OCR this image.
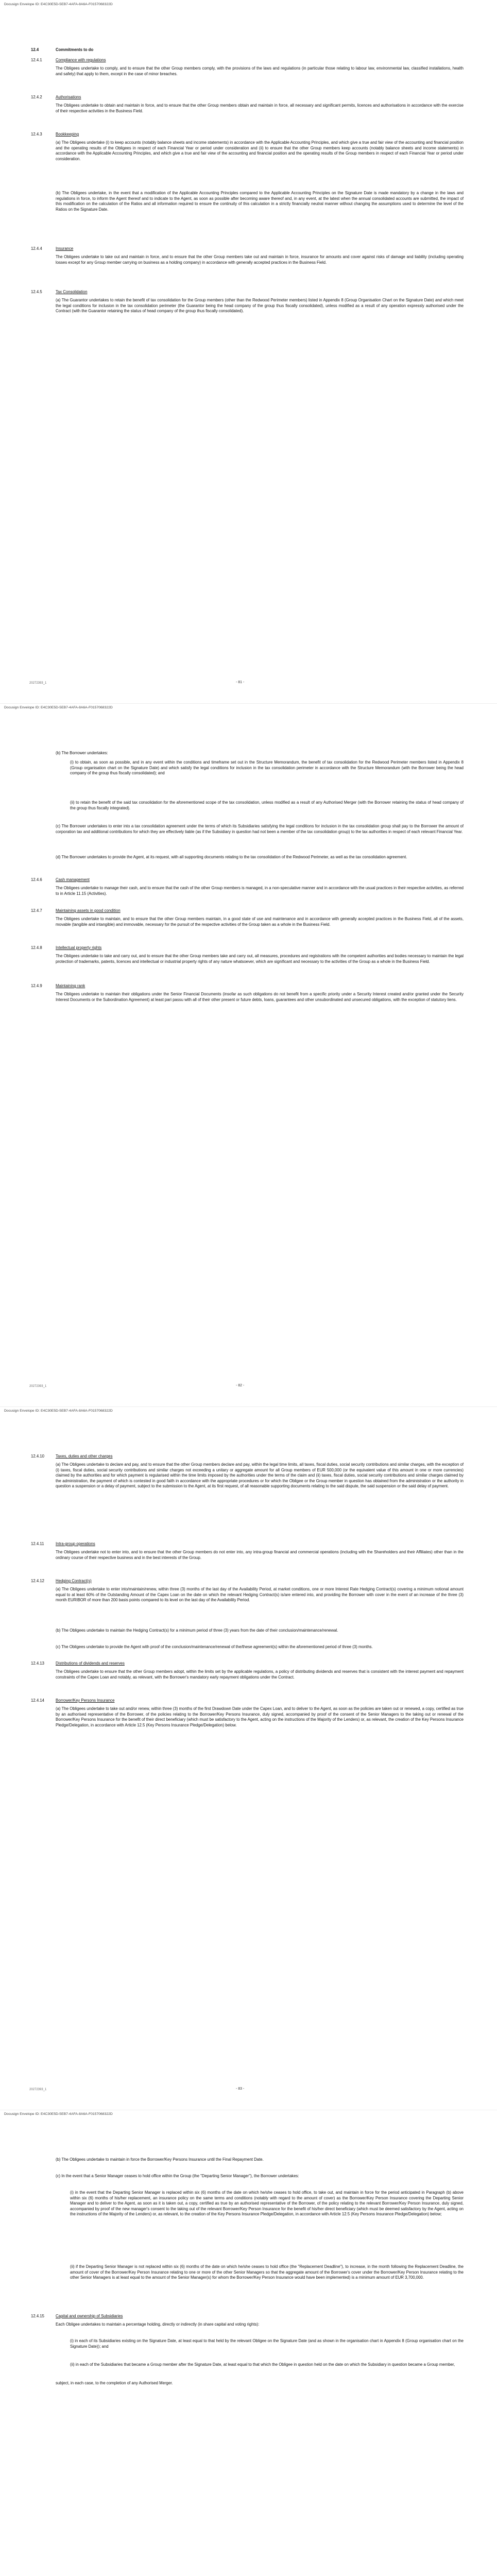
Docusign Envelope ID: E4C30E5D-5EB7-4AFA-8A6A-F0157068322D
12.4	Commitments to do
12.4.1	Compliance with regulations
The Obligees undertake to comply, and to ensure that the other Group members comply, with the provisions of the laws and regulations (in particular those relating to labour law, environmental law, classified installations, health and safety) that apply to them, except in the case of minor breaches.
12.4.2	Authorisations
The Obligees undertake to obtain and maintain in force, and to ensure that the other Group members obtain and maintain in force, all necessary and significant permits, licences and authorisations in accordance with the exercise of their respective activities in the Business Field.
12.4.3	Bookkeeping
(a) The Obligees undertake (i) to keep accounts (notably balance sheets and income statements) in accordance with the Applicable Accounting Principles, and which give a true and fair view of the accounting and financial position and the operating results of the Obligees in respect of each Financial Year or period under consideration and (ii) to ensure that the other Group members keep accounts (notably balance sheets and income statements) in accordance with the Applicable Accounting Principles, and which give a true and fair view of the accounting and financial position and the operating results of the Group members in respect of each Financial Year or period under consideration.
(b) The Obligees undertake, in the event that a modification of the Applicable Accounting Principles compared to the Applicable Accounting Principles on the Signature Date is made mandatory by a change in the laws and regulations in force, to inform the Agent thereof and to indicate to the Agent, as soon as possible after becoming aware thereof and, in any event, at the latest when the annual consolidated accounts are submitted, the impact of this modification on the calculation of the Ratios and all information required to ensure the continuity of this calculation in a strictly financially neutral manner without changing the assumptions used to determine the level of the Ratios on the Signature Date.
12.4.4	Insurance
The Obligees undertake to take out and maintain in force, and to ensure that the other Group members take out and maintain in force, insurance for amounts and cover against risks of damage and liability (including operating losses except for any Group member carrying on business as a holding company) in accordance with generally accepted practices in the Business Field.
12.4.5	Tax Consolidation
(a) The Guarantor undertakes to retain the benefit of tax consolidation for the Group members (other than the Redwood Perimeter members) listed in Appendix 8 (Group Organisation Chart on the Signature Date) and which meet the legal conditions for inclusion in the tax consolidation perimeter (the Guarantor being the head company of the group thus fiscally consolidated), unless modified as a result of any operation expressly authorised under the Contract (with the Guarantor retaining the status of head company of the group thus fiscally consolidated).
20272393_1	- 81 -
Docusign Envelope ID: E4C30E5D-5EB7-4AFA-8A6A-F0157068322D
(b) The Borrower undertakes:
(i) to obtain, as soon as possible, and in any event within the conditions and timeframe set out in the Structure Memorandum, the benefit of tax consolidation for the Redwood Perimeter members listed in Appendix 8 (Group organisation chart on the Signature Date) and which satisfy the legal conditions for inclusion in the tax consolidation perimeter in accordance with the Structure Memorandum (with the Borrower being the head company of the group thus fiscally consolidated); and
(ii) to retain the benefit of the said tax consolidation for the aforementioned scope of the tax consolidation, unless modified as a result of any Authorised Merger (with the Borrower retaining the status of head company of the group thus fiscally integrated).
(c) The Borrower undertakes to enter into a tax consolidation agreement under the terms of which its Subsidiaries satisfying the legal conditions for inclusion in the tax consolidation group shall pay to the Borrower the amount of corporation tax and additional contributions for which they are effectively liable (as if the Subsidiary in question had not been a member of the tax consolidation group) to the tax authorities in respect of each relevant Financial Year.
(d) The Borrower undertakes to provide the Agent, at its request, with all supporting documents relating to the tax consolidation of the Redwood Perimeter, as well as the tax consolidation agreement.
12.4.6	Cash management
The Obligees undertake to manage their cash, and to ensure that the cash of the other Group members is managed, in a non-speculative manner and in accordance with the usual practices in their respective activities, as referred to in Article 11.15 (Activities).
12.4.7	Maintaining assets in good condition
The Obligees undertake to maintain, and to ensure that the other Group members maintain, in a good state of use and maintenance and in accordance with generally accepted practices in the Business Field, all of the assets, movable (tangible and intangible) and immovable, necessary for the pursuit of the respective activities of the Group taken as a whole in the Business Field.
12.4.8	Intellectual property rights
The Obligees undertake to take and carry out, and to ensure that the other Group members take and carry out, all measures, procedures and registrations with the competent authorities and bodies necessary to maintain the legal protection of trademarks, patents, licences and intellectual or industrial property rights of any nature whatsoever, which are significant and necessary to the activities of the Group as a whole in the Business Field.
12.4.9	Maintaining rank
The Obligees undertake to maintain their obligations under the Senior Financial Documents (insofar as such obligations do not benefit from a specific priority under a Security Interest created and/or granted under the Security Interest Documents or the Subordination Agreement) at least pari passu with all of their other present or future debts, loans, guarantees and other unsubordinated and unsecured obligations, with the exception of statutory liens.
20272393_1	- 82 -
Docusign Envelope ID: E4C30E5D-5EB7-4AFA-8A6A-F0157068322D
12.4.10	Taxes, duties and other charges
(a) The Obligees undertake to declare and pay, and to ensure that the other Group members declare and pay, within the legal time limits, all taxes, fiscal duties, social security contributions and similar charges, with the exception of (i) taxes, fiscal duties, social security contributions and similar charges not exceeding a unitary or aggregate amount for all Group members of EUR 500,000 (or the equivalent value of this amount in one or more currencies) claimed by the authorities and for which payment is regularised within the time limits imposed by the authorities under the terms of the claim and (ii) taxes, fiscal duties, social security contributions and similar charges claimed by the administration, the payment of which is contested in good faith in accordance with the appropriate procedures or for which the Obligee or the Group member in question has obtained from the administration or the authority in question a suspension or a delay of payment, subject to the submission to the Agent, at its first request, of all reasonable supporting documents relating to the said dispute, the said suspension or the said delay of payment.
12.4.11	Intra-group operations
The Obligees undertake not to enter into, and to ensure that the other Group members do not enter into, any intra-group financial and commercial operations (including with the Shareholders and their Affiliates) other than in the ordinary course of their respective business and in the best interests of the Group.
12.4.12	Hedging Contract(s)
(a) The Obligees undertake to enter into/maintain/renew, within three (3) months of the last day of the Availability Period, at market conditions, one or more Interest Rate Hedging Contract(s) covering a minimum notional amount equal to at least 60% of the Outstanding Amount of the Capex Loan on the date on which the relevant Hedging Contract(s) is/are entered into, and providing the Borrower with cover in the event of an increase of the three (3) month EURIBOR of more than 200 basis points compared to its level on the last day of the Availability Period.
(b) The Obligees undertake to maintain the Hedging Contract(s) for a minimum period of three (3) years from the date of their conclusion/maintenance/renewal.
(c) The Obligees undertake to provide the Agent with proof of the conclusion/maintenance/renewal of the/these agreement(s) within the aforementioned period of three (3) months.
12.4.13	Distributions of dividends and reserves
The Obligees undertake to ensure that the other Group members adopt, within the limits set by the applicable regulations, a policy of distributing dividends and reserves that is consistent with the interest payment and repayment constraints of the Capex Loan and notably, as relevant, with the Borrower's mandatory early repayment obligations under the Contract.
12.4.14	Borrower/Key Persons Insurance
(a) The Obligees undertake to take out and/or renew, within three (3) months of the first Drawdown Date under the Capex Loan, and to deliver to the Agent, as soon as the policies are taken out or renewed, a copy, certified as true by an authorised representative of the Borrower, of the policies relating to the Borrower/Key Persons Insurance, duly signed, accompanied by proof of the consent of the Senior Managers to the taking out or renewal of the Borrower/Key Persons Insurance for the benefit of their direct beneficiary (which must be satisfactory to the Agent, acting on the instructions of the Majority of the Lenders) or, as relevant, the creation of the Key Persons Insurance Pledge/Delegation, in accordance with Article 12.5 (Key Persons Insurance Pledge/Delegation) below.
20272393_1	- 83 -
Docusign Envelope ID: E4C30E5D-5EB7-4AFA-8A6A-F0157068322D
(b) The Obligees undertake to maintain in force the Borrower/Key Persons Insurance until the Final Repayment Date.
(c) In the event that a Senior Manager ceases to hold office within the Group (the "Departing Senior Manager"), the Borrower undertakes:
(i) in the event that the Departing Senior Manager is replaced within six (6) months of the date on which he/she ceases to hold office, to take out, and maintain in force for the period anticipated in Paragraph (b) above within six (6) months of his/her replacement, an insurance policy on the same terms and conditions (notably with regard to the amount of cover) as the Borrower/Key Person Insurance covering the Departing Senior Manager and to deliver to the Agent, as soon as it is taken out, a copy, certified as true by an authorised representative of the Borrower, of the policy relating to the relevant Borrower/Key Person Insurance, duly signed, accompanied by proof of the new manager's consent to the taking out of the relevant Borrower/Key Person Insurance for the benefit of his/her direct beneficiary (which must be deemed satisfactory by the Agent, acting on the instructions of the Majority of the Lenders) or, as relevant, to the creation of the Key Persons Insurance Pledge/Delegation, in accordance with Article 12.5 (Key Persons Insurance Pledge/Delegation) below;
(ii) if the Departing Senior Manager is not replaced within six (6) months of the date on which he/she ceases to hold office (the "Replacement Deadline"), to increase, in the month following the Replacement Deadline, the amount of cover of the Borrower/Key Person Insurance relating to one or more of the other Senior Managers so that the aggregate amount of the Borrower's cover under the Borrower/Key Person Insurance relating to the other Senior Managers is at least equal to the amount of the Senior Manager(s) for whom the Borrower/Key Person Insurance would have been implemented) is a minimum amount of EUR 3,700,000.
12.4.15	Capital and ownership of Subsidiaries
Each Obligee undertakes to maintain a percentage holding, directly or indirectly (in share capital and voting rights):
(i) in each of its Subsidiaries existing on the Signature Date, at least equal to that held by the relevant Obligee on the Signature Date (and as shown in the organisation chart in Appendix 8 (Group organisation chart on the Signature Date)); and
(ii) in each of the Subsidiaries that became a Group member after the Signature Date, at least equal to that which the Obligee in question held on the date on which the Subsidiary in question became a Group member,
subject, in each case, to the completion of any Authorised Merger.
